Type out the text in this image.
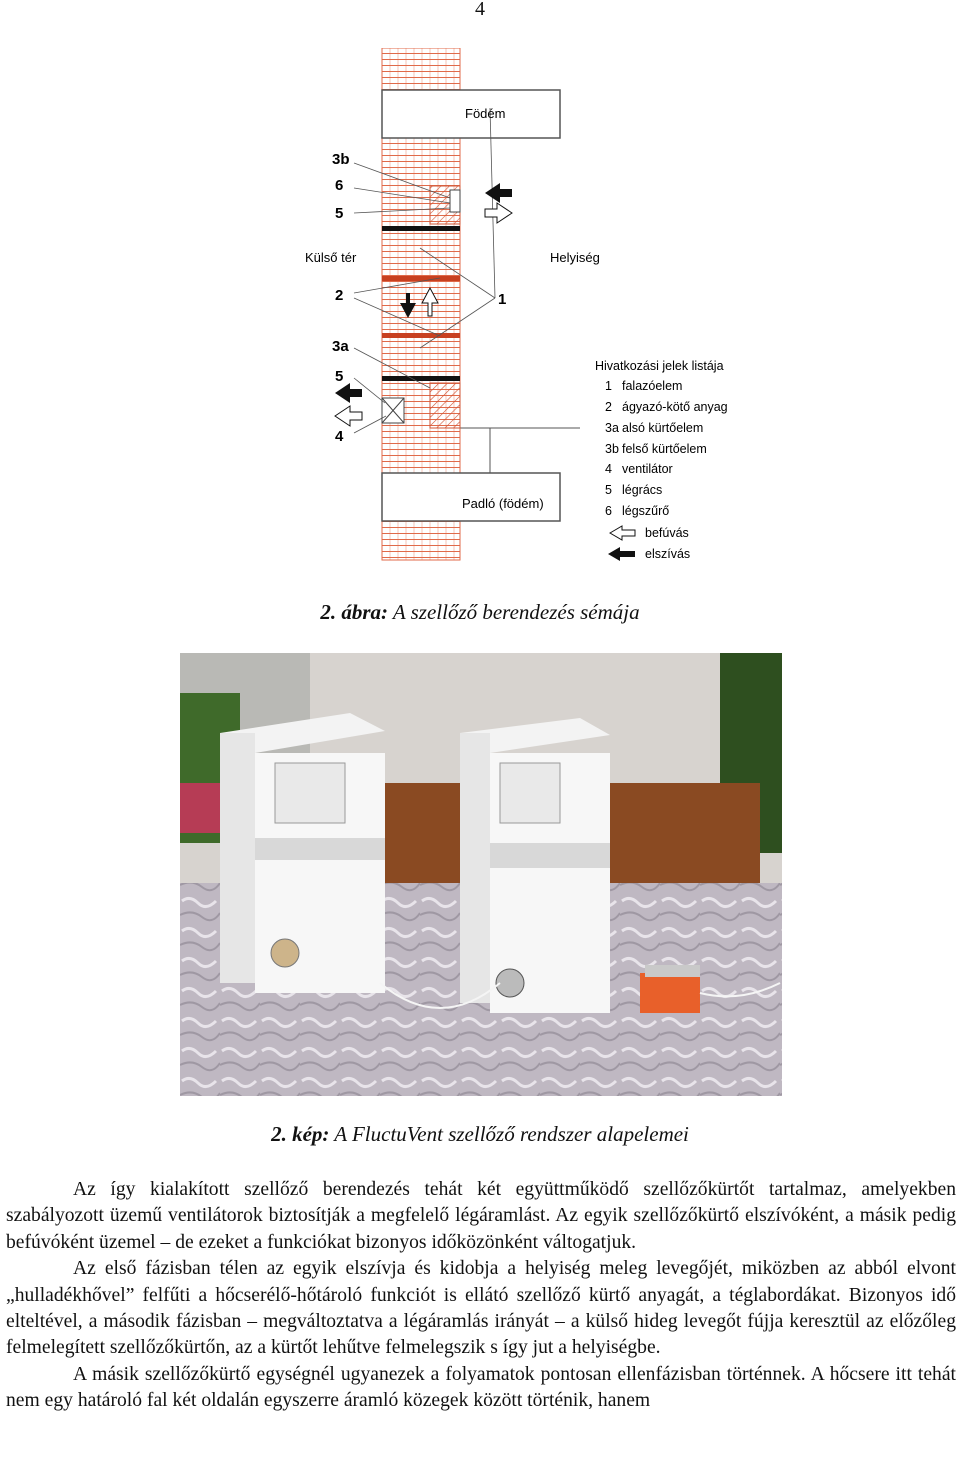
4
Födém
Külső tér	Helyiség
Padló (födém)
3b
6
5
2	1
3a
5
4
Hivatkozási jelek listája
1 falazóelem
2 ágyazó-kötő anyag
3a alsó kürtőelem
3b felső kürtőelem
4 ventilátor
5 légrács
6 légszűrő
befúvás
elszívás
2. ábra: A szellőző berendezés sémája
2. kép: A FluctuVent szellőző rendszer alapelemei

Az így kialakított szellőző berendezés tehát két együttműködő szellőzőkürtőt tartalmaz, amelyekben szabályozott üzemű ventilátorok biztosítják a megfelelő légáramlást. Az egyik szellőzőkürtő elszívóként, a másik pedig befúvóként üzemel – de ezeket a funkciókat bizonyos időközönként váltogatjuk.

Az első fázisban télen az egyik elszívja és kidobja a helyiség meleg levegőjét, miközben az abból elvont „hulladékhővel” felfűti a hőcserélő-hőtároló funkciót is ellátó szellőző kürtő anyagát, a téglabordákat. Bizonyos idő elteltével, a második fázisban – megváltoztatva a légáramlás irányát – a külső hideg levegőt fújja keresztül az előzőleg felmelegített szellőzőkürtőn, az a kürtőt lehűtve felmelegszik s így jut a helyiségbe.

A másik szellőzőkürtő egységnél ugyanezek a folyamatok pontosan ellenfázisban történnek. A hőcsere itt tehát nem egy határoló fal két oldalán egyszerre áramló közegek között történik, hanem
